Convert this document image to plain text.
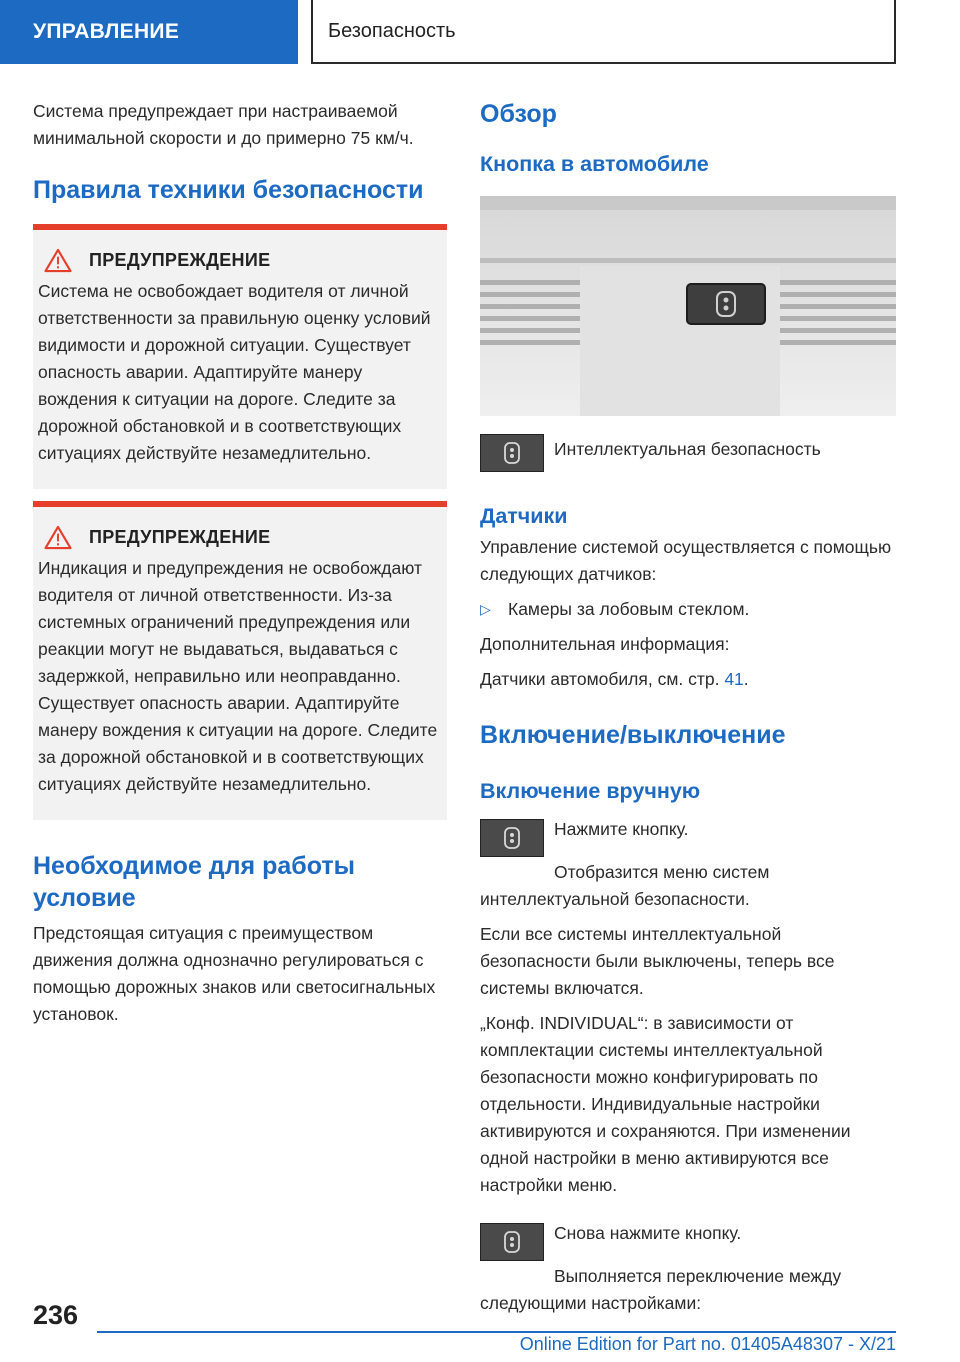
УПРАВЛЕНИЕ	Безопасность

Система предупреждает при настраиваемой минимальной скорости и до примерно 75 км/ч.

Правила техники безопасности
ПРЕДУПРЕЖДЕНИЕ

Система не освобождает водителя от личной ответственности за правильную оценку условий видимости и дорожной ситуации. Существует опасность аварии. Адаптируйте манеру вождения к ситуации на дороге. Следите за дорожной обстановкой и в соответствующих ситуациях действуйте незамедлительно.

ПРЕДУПРЕЖДЕНИЕ

Индикация и предупреждения не освобождают водителя от личной ответственности. Из-за системных ограничений предупреждения или реакции могут не выдаваться, выдаваться с задержкой, неправильно или неоправданно. Существует опасность аварии. Адаптируйте манеру вождения к ситуации на дороге. Следите за дорожной обстановкой и в соответствующих ситуациях действуйте незамедлительно.

Необходимое для работы условие

Предстоящая ситуация с преимуществом движения должна однозначно регулироваться с помощью дорожных знаков или светосигнальных установок.

Обзор
Кнопка в автомобиле

Интеллектуальная безопасность

Датчики

Управление системой осуществляется с помощью следующих датчиков:

▷ Камеры за лобовым стеклом.

Дополнительная информация:

Датчики автомобиля, см. стр. 41.

Включение/выключение
Включение вручную

Нажмите кнопку.

Отобразится меню систем интеллектуальной безопасности.

Если все системы интеллектуальной безопасности были выключены, теперь все системы включатся.

„Конф. INDIVIDUAL“: в зависимости от комплектации системы интеллектуальной безопасности можно конфигурировать по отдельности. Индивидуальные настройки активируются и сохраняются. При изменении одной настройки в меню активируются все настройки меню.

Снова нажмите кнопку.

Выполняется переключение между следующими настройками:

236
Online Edition for Part no. 01405A48307 - X/21
